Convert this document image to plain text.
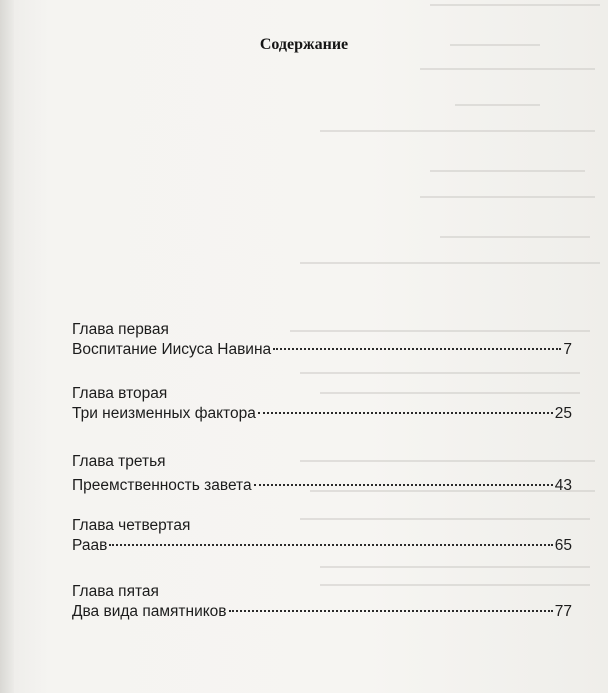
Содержание
Глава первая
Воспитание Иисуса Навина	7
Глава вторая
Три неизменных фактора	25
Глава третья
Преемственность завета	43
Глава четвертая
Раав	65
Глава пятая
Два вида памятников	77
